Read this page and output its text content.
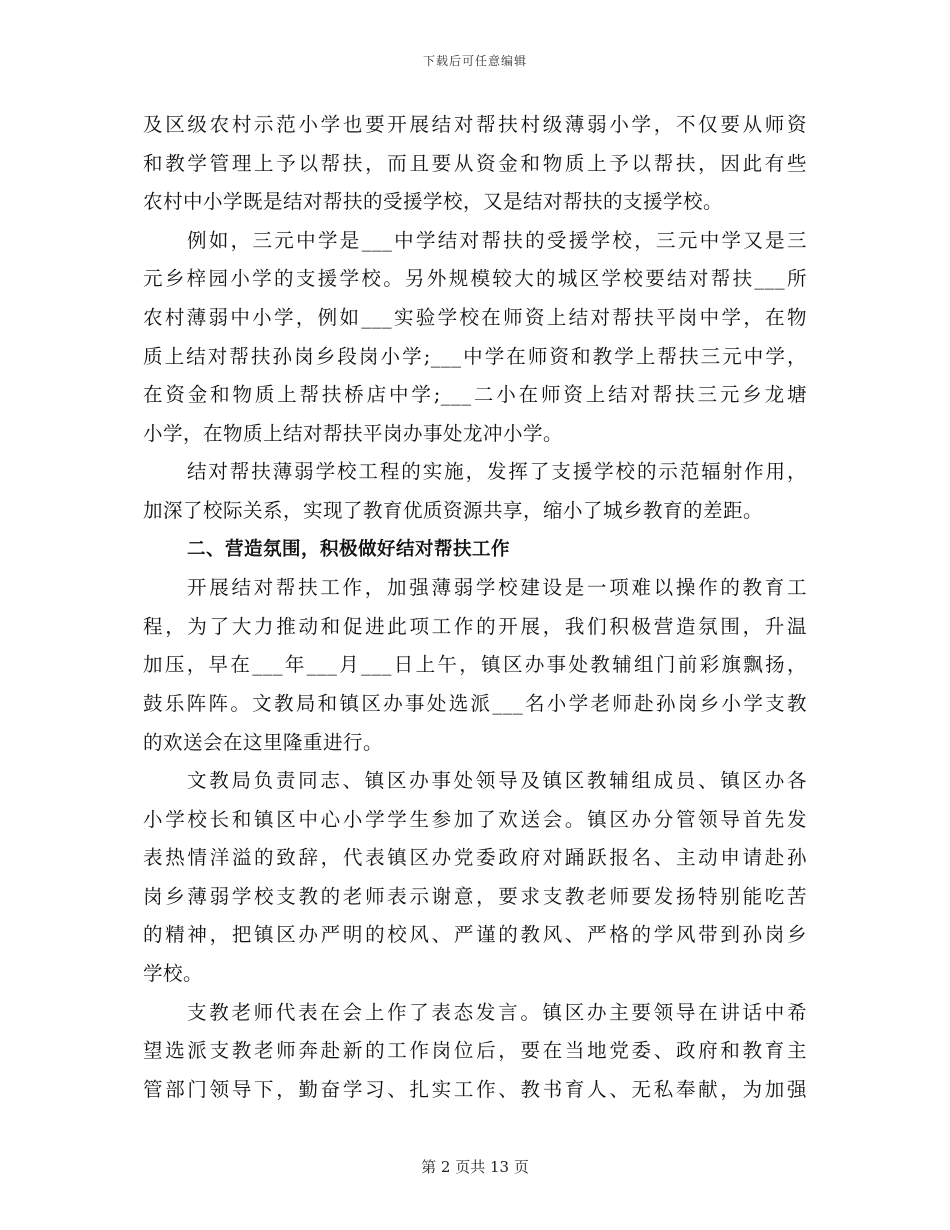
下载后可任意编辑
及区级农村示范小学也要开展结对帮扶村级薄弱小学，不仅要从师资
和教学管理上予以帮扶，而且要从资金和物质上予以帮扶，因此有些
农村中小学既是结对帮扶的受援学校，又是结对帮扶的支援学校。
例如，三元中学是___中学结对帮扶的受援学校，三元中学又是三
元乡梓园小学的支援学校。另外规模较大的城区学校要结对帮扶___所
农村薄弱中小学，例如___实验学校在师资上结对帮扶平岗中学，在物
质上结对帮扶孙岗乡段岗小学;___中学在师资和教学上帮扶三元中学，
在资金和物质上帮扶桥店中学;___二小在师资上结对帮扶三元乡龙塘
小学，在物质上结对帮扶平岗办事处龙冲小学。
结对帮扶薄弱学校工程的实施，发挥了支援学校的示范辐射作用，
加深了校际关系，实现了教育优质资源共享，缩小了城乡教育的差距。
二、营造氛围，积极做好结对帮扶工作
开展结对帮扶工作，加强薄弱学校建设是一项难以操作的教育工
程，为了大力推动和促进此项工作的开展，我们积极营造氛围，升温
加压，早在___年___月___日上午，镇区办事处教辅组门前彩旗飘扬，
鼓乐阵阵。文教局和镇区办事处选派___名小学老师赴孙岗乡小学支教
的欢送会在这里隆重进行。
文教局负责同志、镇区办事处领导及镇区教辅组成员、镇区办各
小学校长和镇区中心小学学生参加了欢送会。镇区办分管领导首先发
表热情洋溢的致辞，代表镇区办党委政府对踊跃报名、主动申请赴孙
岗乡薄弱学校支教的老师表示谢意，要求支教老师要发扬特别能吃苦
的精神，把镇区办严明的校风、严谨的教风、严格的学风带到孙岗乡
学校。
支教老师代表在会上作了表态发言。镇区办主要领导在讲话中希
望选派支教老师奔赴新的工作岗位后，要在当地党委、政府和教育主
管部门领导下，勤奋学习、扎实工作、教书育人、无私奉献，为加强
第 2 页共 13 页
